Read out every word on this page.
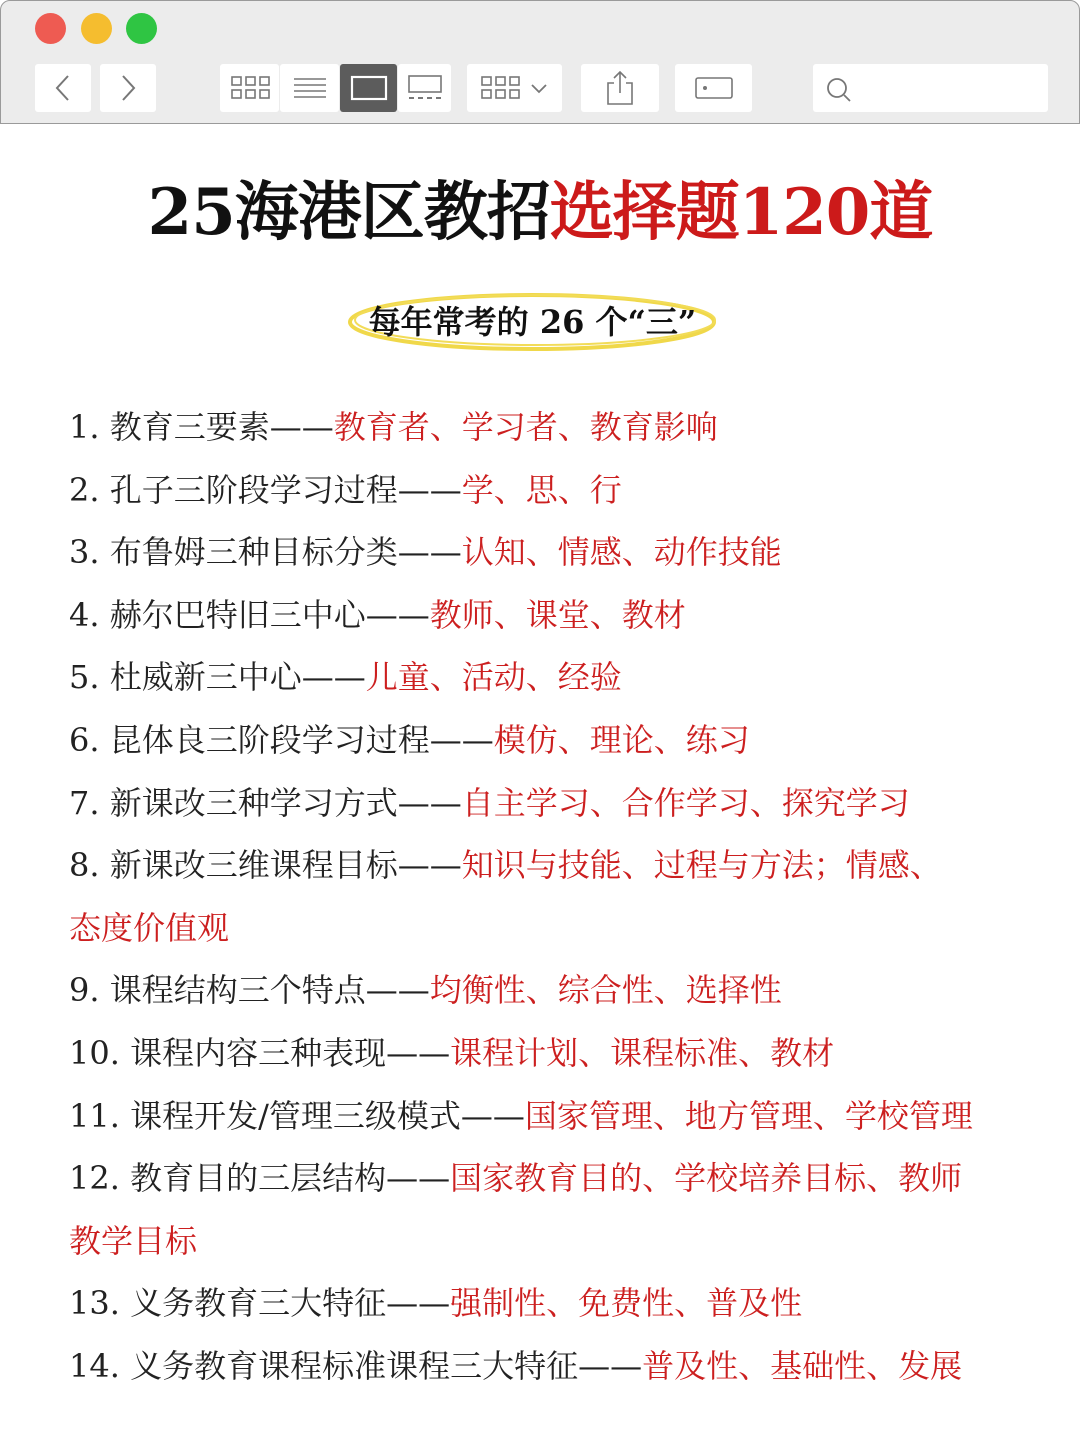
25海港区教招选择题120道
每年常考的 26 个“三”
1. 教育三要素——教育者、学习者、教育影响
2. 孔子三阶段学习过程——学、思、行
3. 布鲁姆三种目标分类——认知、情感、动作技能
4. 赫尔巴特旧三中心——教师、课堂、教材
5. 杜威新三中心——儿童、活动、经验
6. 昆体良三阶段学习过程——模仿、理论、练习
7. 新课改三种学习方式——自主学习、合作学习、探究学习
8. 新课改三维课程目标——知识与技能、过程与方法；情感、
态度价值观
9. 课程结构三个特点——均衡性、综合性、选择性
10. 课程内容三种表现——课程计划、课程标准、教材
11. 课程开发/管理三级模式——国家管理、地方管理、学校管理
12. 教育目的三层结构——国家教育目的、学校培养目标、教师
教学目标
13. 义务教育三大特征——强制性、免费性、普及性
14. 义务教育课程标准课程三大特征——普及性、基础性、发展
